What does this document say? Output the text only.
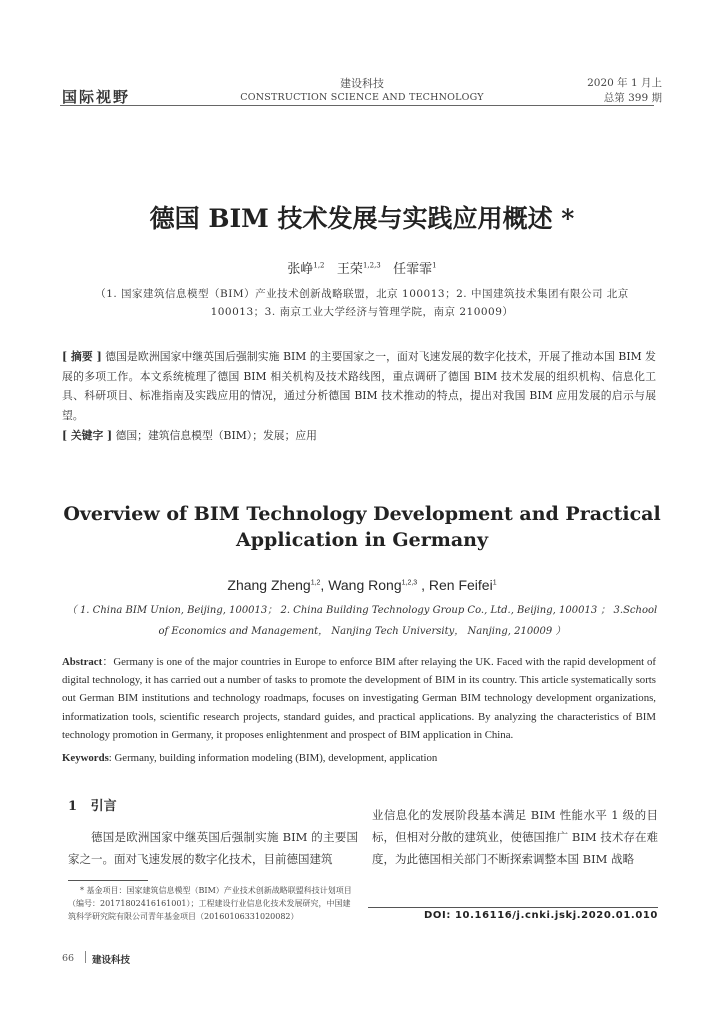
国际视野
建设科技
CONSTRUCTION SCIENCE AND TECHNOLOGY
2020 年 1 月上
总第 399 期
德国 BIM 技术发展与实践应用概述 *
张峥$^{1,2}$ 王荣$^{1,2,3}$ 任霏霏$^1$
（1. 国家建筑信息模型（BIM）产业技术创新战略联盟，北京 100013；2. 中国建筑技术集团有限公司 北京 100013；3. 南京工业大学经济与管理学院，南京 210009）
[ 摘要 ] 德国是欧洲国家中继英国后强制实施 BIM 的主要国家之一，面对飞速发展的数字化技术，开展了推动本国 BIM 发展的多项工作。本文系统梳理了德国 BIM 相关机构及技术路线图，重点调研了德国 BIM 技术发展的组织机构、信息化工具、科研项目、标准指南及实践应用的情况，通过分析德国 BIM 技术推动的特点，提出对我国 BIM 应用发展的启示与展望。
[ 关键字 ] 德国；建筑信息模型（BIM）；发展；应用
Overview of BIM Technology Development and Practical Application in Germany
Zhang Zheng$^{1,2}$, Wang Rong$^{1,2,3}$ , Ren Feifei$^1$
（ 1. China BIM Union, Beijing, 100013； 2. China Building Technology Group Co., Ltd., Beijing, 100013 ； 3.School of Economics and Management， Nanjing Tech University， Nanjing, 210009 ）
Abstract：Germany is one of the major countries in Europe to enforce BIM after relaying the UK. Faced with the rapid development of digital technology, it has carried out a number of tasks to promote the development of BIM in its country. This article systematically sorts out German BIM institutions and technology roadmaps, focuses on investigating German BIM technology development organizations, informatization tools, scientific research projects, standard guides, and practical applications. By analyzing the characteristics of BIM technology promotion in Germany, it proposes enlightenment and prospect of BIM application in China.
Keywords: Germany, building information modeling (BIM), development, application
1 引言
德国是欧洲国家中继英国后强制实施 BIM 的主要国家之一。面对飞速发展的数字化技术，目前德国建筑
业信息化的发展阶段基本满足 BIM 性能水平 1 级的目标，但相对分散的建筑业，使德国推广 BIM 技术存在难度，为此德国相关部门不断探索调整本国 BIM 战略
* 基金项目：国家建筑信息模型（BIM）产业技术创新战略联盟科技计划项目（编号：20171802416161001）；工程建设行业信息化技术发展研究，中国建筑科学研究院有限公司青年基金项目（20160106331020082）	DOI: 10.16116/j.cnki.jskj.2020.01.010
66 建设科技
